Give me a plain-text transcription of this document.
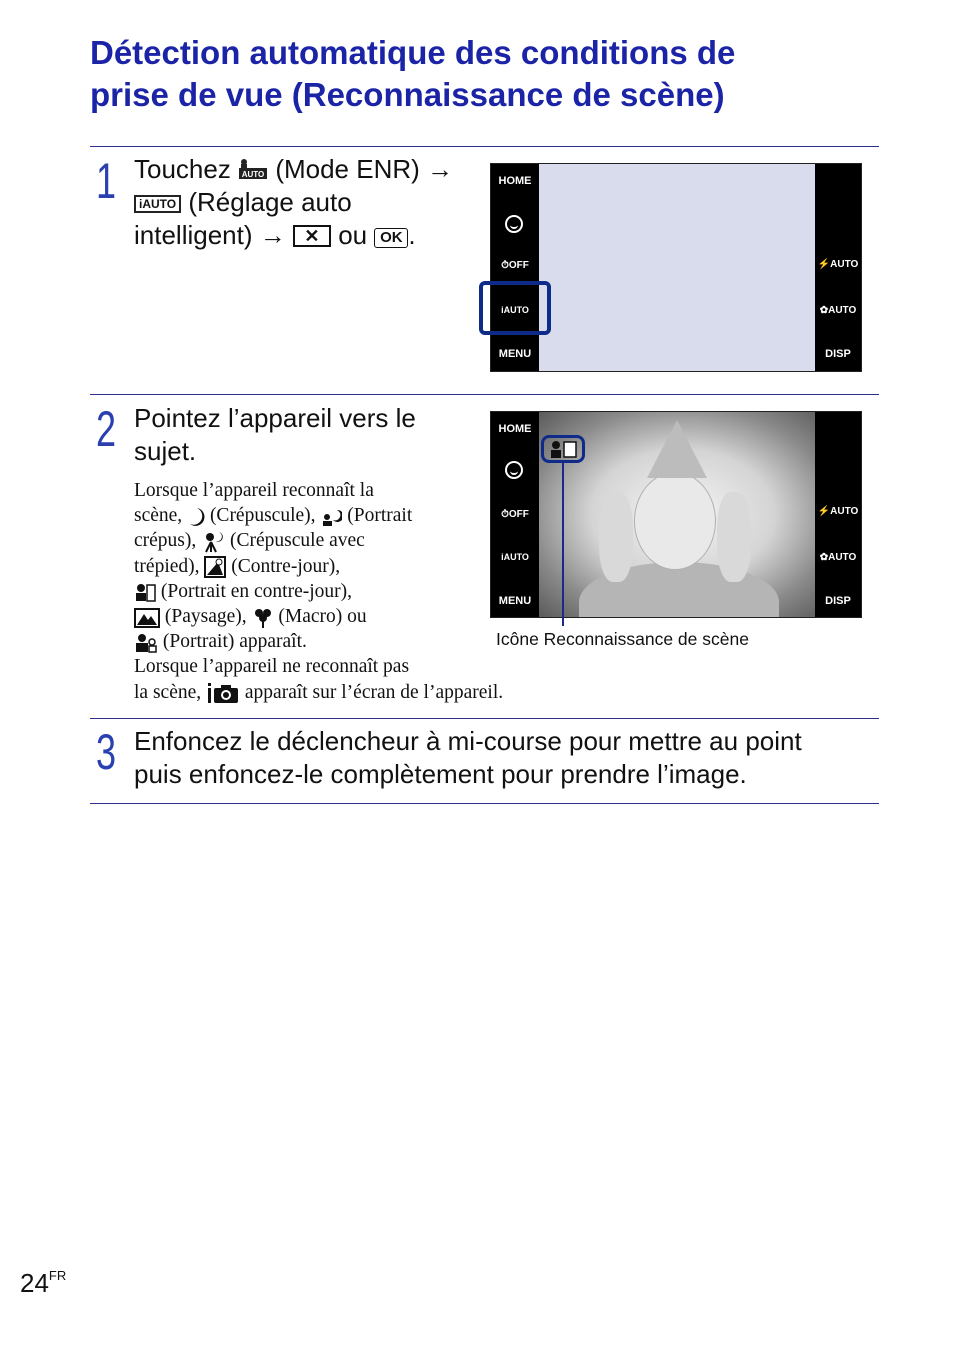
Détection automatique des conditions de
prise de vue (Reconnaissance de scène)
1 Touchez AUTO (Mode ENR) →
iAUTO (Réglage auto
intelligent) → ✕ ou OK .
HOME
⏱OFF
iAUTO
MENU
⚡AUTO
✿AUTO
DISP
2 Pointez l’appareil vers le
sujet.
Lorsque l’appareil reconnaît la
scène, (Crépuscule), (Portrait
crépus), (Crépuscule avec
trépied), (Contre-jour),
(Portrait en contre-jour),
(Paysage), (Macro) ou
(Portrait) apparaît.
Lorsque l’appareil ne reconnaît pas
la scène, apparaît sur l’écran de l’appareil.
HOME
⏱OFF
iAUTO
MENU
⚡AUTO
✿AUTO
DISP
Icône Reconnaissance de scène
3 Enfoncez le déclencheur à mi-course pour mettre au point
puis enfoncez-le complètement pour prendre l’image.
$24^{FR}$
